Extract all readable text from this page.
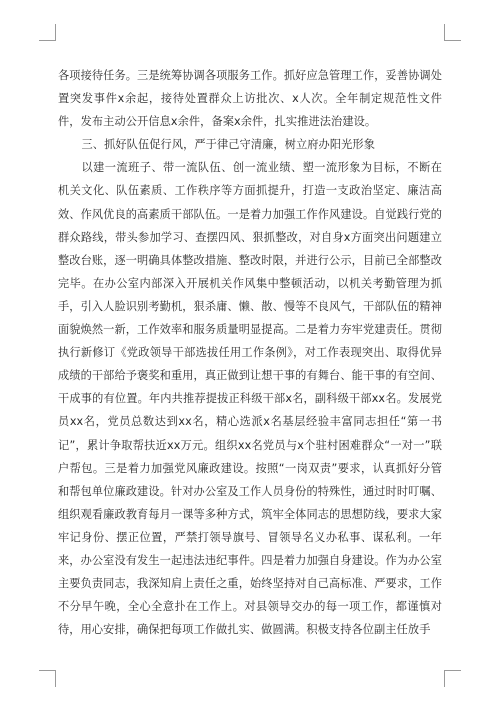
各项接待任务。三是统筹协调各项服务工作。抓好应急管理工作，妥善协调处置突发事件x余起，接待处置群众上访批次、x人次。全年制定规范性文件件，发布主动公开信息x余件，备案x余件，扎实推进法治建设。

三、抓好队伍促行风，严于律己守清廉，树立府办阳光形象

以建一流班子、带一流队伍、创一流业绩、塑一流形象为目标，不断在机关文化、队伍素质、工作秩序等方面抓提升，打造一支政治坚定、廉洁高效、作风优良的高素质干部队伍。一是着力加强工作作风建设。自觉践行党的群众路线，带头参加学习、查摆四风、狠抓整改，对自身x方面突出问题建立整改台账，逐一明确具体整改措施、整改时限，并进行公示，目前已全部整改完毕。在办公室内部深入开展机关作风集中整顿活动，以机关考勤管理为抓手，引入人脸识别考勤机，狠杀庸、懒、散、慢等不良风气，干部队伍的精神面貌焕然一新，工作效率和服务质量明显提高。二是着力夯牢党建责任。贯彻执行新修订《党政领导干部选拔任用工作条例》，对工作表现突出、取得优异成绩的干部给予褒奖和重用，真正做到让想干事的有舞台、能干事的有空间、干成事的有位置。年内共推荐提拔正科级干部x名，副科级干部xx名。发展党员xx名，党员总数达到xx名，精心选派x名基层经验丰富同志担任“第一书记”，累计争取帮扶近xx万元。组织xx名党员与x个驻村困难群众“一对一”联户帮包。三是着力加强党风廉政建设。按照“一岗双责”要求，认真抓好分管和帮包单位廉政建设。针对办公室及工作人员身份的特殊性，通过时时叮嘱、组织观看廉政教育每月一课等多种方式，筑牢全体同志的思想防线，要求大家牢记身份、摆正位置，严禁打领导旗号、冒领导名义办私事、谋私利。一年来，办公室没有发生一起违法违纪事件。四是着力加强自身建设。作为办公室主要负责同志，我深知肩上责任之重，始终坚持对自己高标准、严要求，工作不分早午晚，全心全意扑在工作上。对县领导交办的每一项工作，都谨慎对待，用心安排，确保把每项工作做扎实、做圆满。积极支持各位副主任放手
